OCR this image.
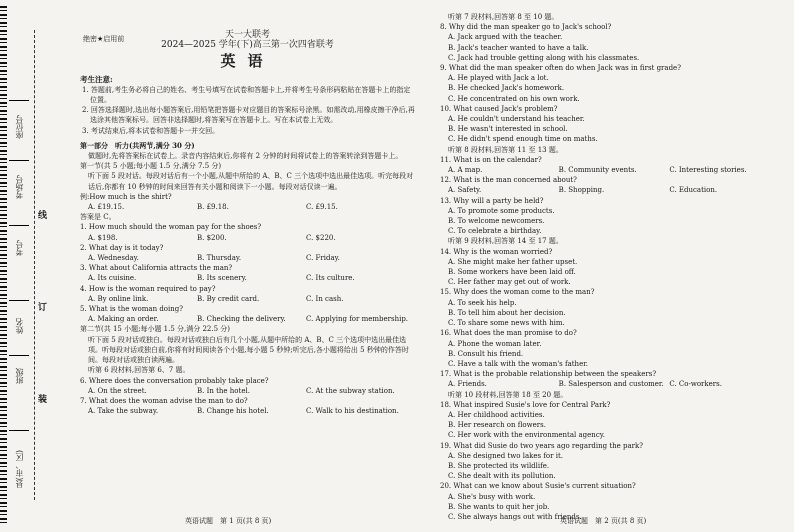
座位号
考场号
考号
姓名
班级
县(市、区)
线
订
装
绝密★启用前	天一大联考
2024—2025 学年(下)高三第一次四省联考
英语
考生注意:
1. 答题前,考生务必将自己的姓名、考生号填写在试卷和答题卡上,并将考生号条形码粘贴在答题卡上的指定位置。
2. 回答选择题时,选出每小题答案后,用铅笔把答题卡对应题目的答案标号涂黑。如需改动,用橡皮擦干净后,再选涂其他答案标号。回答非选择题时,将答案写在答题卡上。写在本试卷上无效。
3. 考试结束后,将本试卷和答题卡一并交回。
第一部分　听力(共两节,满分 30 分)
做题时,先将答案标在试卷上。录音内容结束后,你将有 2 分钟的时间将试卷上的答案转涂到答题卡上。
第一节(共 5 小题;每小题 1.5 分,满分 7.5 分)
听下面 5 段对话。每段对话后有一个小题,从题中所给的 A、B、C 三个选项中选出最佳选项。听完每段对话后,你都有 10 秒钟的时间来回答有关小题和阅读下一小题。每段对话仅读一遍。
例:How much is the shirt?
A. £19.15.	B. £9.18.	C. £9.15.
答案是 C。
1. How much should the woman pay for the shoes?
A. $198.	B. $200.	C. $220.
2. What day is it today?
A. Wednesday.	B. Thursday.	C. Friday.
3. What about California attracts the man?
A. Its cuisine.	B. Its scenery.	C. Its culture.
4. How is the woman required to pay?
A. By online link.	B. By credit card.	C. In cash.
5. What is the woman doing?
A. Making an order.	B. Checking the delivery.	C. Applying for membership.
第二节(共 15 小题;每小题 1.5 分,满分 22.5 分)
听下面 5 段对话或独白。每段对话或独白后有几个小题,从题中所给的 A、B、C 三个选项中选出最佳选项。听每段对话或独白前,你将有时间阅读各个小题,每小题 5 秒钟;听完后,各小题将给出 5 秒钟的作答时间。每段对话或独白读两遍。
听第 6 段材料,回答第 6、7 题。
6. Where does the conversation probably take place?
A. On the street.	B. In the hotel.	C. At the subway station.
7. What does the woman advise the man to do?
A. Take the subway.	B. Change his hotel.	C. Walk to his destination.
英语试题　第 1 页(共 8 页)
听第 7 段材料,回答第 8 至 10 题。
8. Why did the man speaker go to Jack's school?
A. Jack argued with the teacher.
B. Jack's teacher wanted to have a talk.
C. Jack had trouble getting along with his classmates.
9. What did the man speaker often do when Jack was in first grade?
A. He played with Jack a lot.
B. He checked Jack's homework.
C. He concentrated on his own work.
10. What caused Jack's problem?
A. He couldn't understand his teacher.
B. He wasn't interested in school.
C. He didn't spend enough time on maths.
听第 8 段材料,回答第 11 至 13 题。
11. What is on the calendar?
A. A map.	B. Community events.	C. Interesting stories.
12. What is the man concerned about?
A. Safety.	B. Shopping.	C. Education.
13. Why will a party be held?
A. To promote some products.
B. To welcome newcomers.
C. To celebrate a birthday.
听第 9 段材料,回答第 14 至 17 题。
14. Why is the woman worried?
A. She might make her father upset.
B. Some workers have been laid off.
C. Her father may get out of work.
15. Why does the woman come to the man?
A. To seek his help.
B. To tell him about her decision.
C. To share some news with him.
16. What does the man promise to do?
A. Phone the woman later.
B. Consult his friend.
C. Have a talk with the woman's father.
17. What is the probable relationship between the speakers?
A. Friends.	B. Salesperson and customer. C. Co-workers.
听第 10 段材料,回答第 18 至 20 题。
18. What inspired Susie's love for Central Park?
A. Her childhood activities.
B. Her research on flowers.
C. Her work with the environmental agency.
19. What did Susie do two years ago regarding the park?
A. She designed two lakes for it.
B. She protected its wildlife.
C. She dealt with its pollution.
20. What can we know about Susie's current situation?
A. She's busy with work.
B. She wants to quit her job.
C. She always hangs out with friends.
英语试题　第 2 页(共 8 页)
